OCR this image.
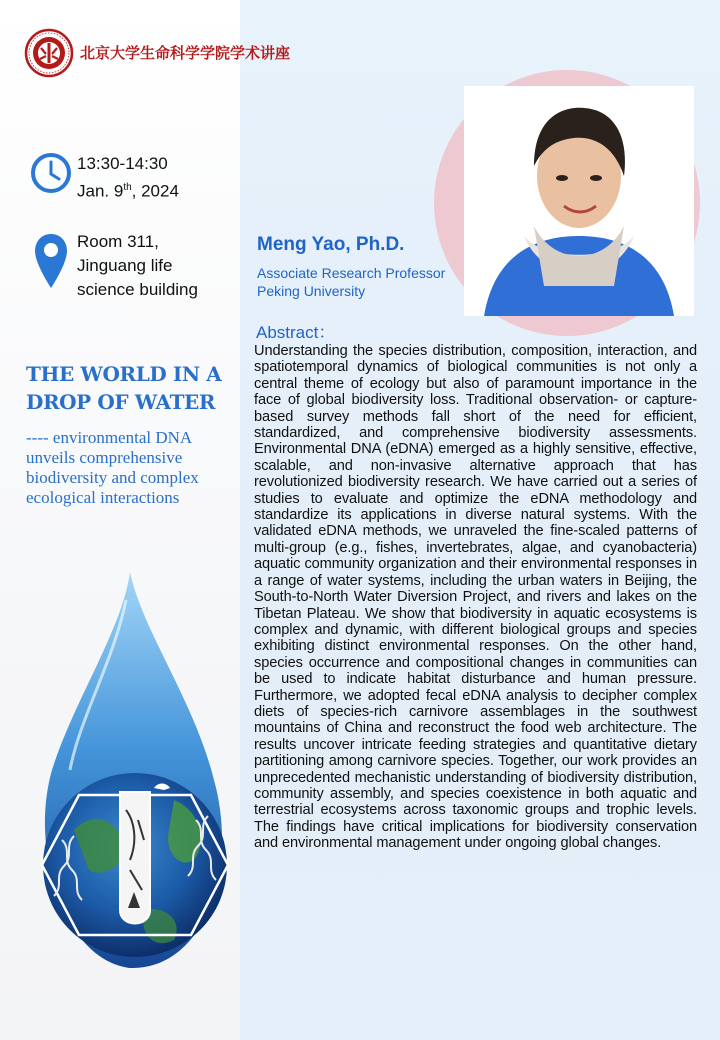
北京大学生命科学学院学术讲座
13:30-14:30
Jan. 9th, 2024
Room 311,
Jinguang life
science building
THE WORLD IN A
DROP OF WATER
---- environmental DNA unveils comprehensive biodiversity and complex ecological interactions
Meng Yao, Ph.D.
Associate Research Professor
Peking University
Abstract：

Understanding the species distribution, composition, interaction, and spatiotemporal dynamics of biological communities is not only a central theme of ecology but also of paramount importance in the face of global biodiversity loss. Traditional observation- or capture-based survey methods fall short of the need for efficient, standardized, and comprehensive biodiversity assessments. Environmental DNA (eDNA) emerged as a highly sensitive, effective, scalable, and non-invasive alternative approach that has revolutionized biodiversity research. We have carried out a series of studies to evaluate and optimize the eDNA methodology and standardize its applications in diverse natural systems. With the validated eDNA methods, we unraveled the fine-scaled patterns of multi-group (e.g., fishes, invertebrates, algae, and cyanobacteria) aquatic community organization and their environmental responses in a range of water systems, including the urban waters in Beijing, the South-to-North Water Diversion Project, and rivers and lakes on the Tibetan Plateau. We show that biodiversity in aquatic ecosystems is complex and dynamic, with different biological groups and species exhibiting distinct environmental responses. On the other hand, species occurrence and compositional changes in communities can be used to indicate habitat disturbance and human pressure. Furthermore, we adopted fecal eDNA analysis to decipher complex diets of species-rich carnivore assemblages in the southwest mountains of China and reconstruct the food web architecture. The results uncover intricate feeding strategies and quantitative dietary partitioning among carnivore species. Together, our work provides an unprecedented mechanistic understanding of biodiversity distribution, community assembly, and species coexistence in both aquatic and terrestrial ecosystems across taxonomic groups and trophic levels. The findings have critical implications for biodiversity conservation and environmental management under ongoing global changes.
